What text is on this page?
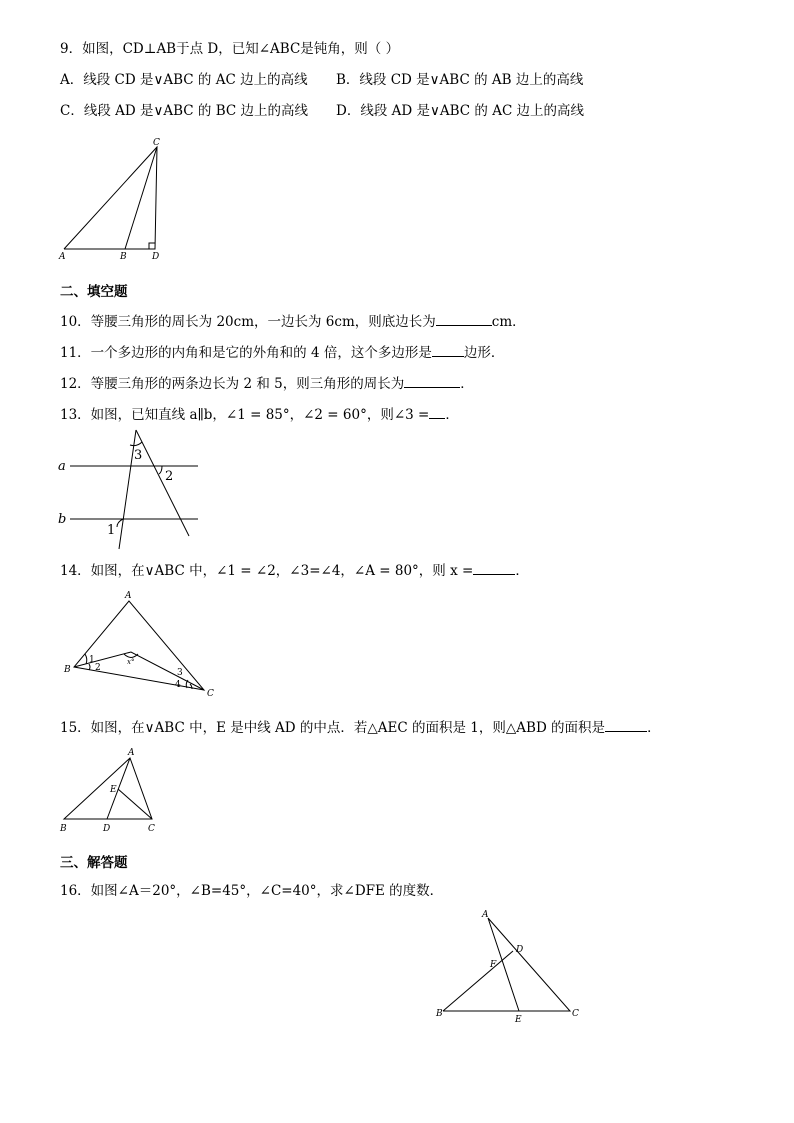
9．如图，CD⊥AB于点 D，已知∠ABC是钝角，则（ ）
A．线段 CD 是∨ABC 的 AC 边上的高线 B．线段 CD 是∨ABC 的 AB 边上的高线
C．线段 AD 是∨ABC 的 BC 边上的高线 D．线段 AD 是∨ABC 的 AC 边上的高线
A	B
C
D
二、填空题
10．等腰三角形的周长为 20cm，一边长为 6cm，则底边长为	cm．
11．一个多边形的内角和是它的外角和的 4 倍，这个多边形是 边形．
12．等腰三角形的两条边长为 2 和 5，则三角形的周长为	．
13．如图，已知直线 a∥b，∠1 = 85°，∠2 = 60°，则∠3 = ．
a
b
3
2
1
14．如图，在∨ABC 中，∠1 = ∠2，∠3=∠4，∠A = 80°，则 x =	．
A
B
C
x°
1
2	3
4
15．如图，在∨ABC 中，E 是中线 AD 的中点．若△AEC 的面积是 1，则△ABD 的面积是	．
A
B	C
D
E
三、解答题
16．如图∠A＝20°，∠B=45°，∠C=40°，求∠DFE 的度数．
A
B	C
D
E
F
